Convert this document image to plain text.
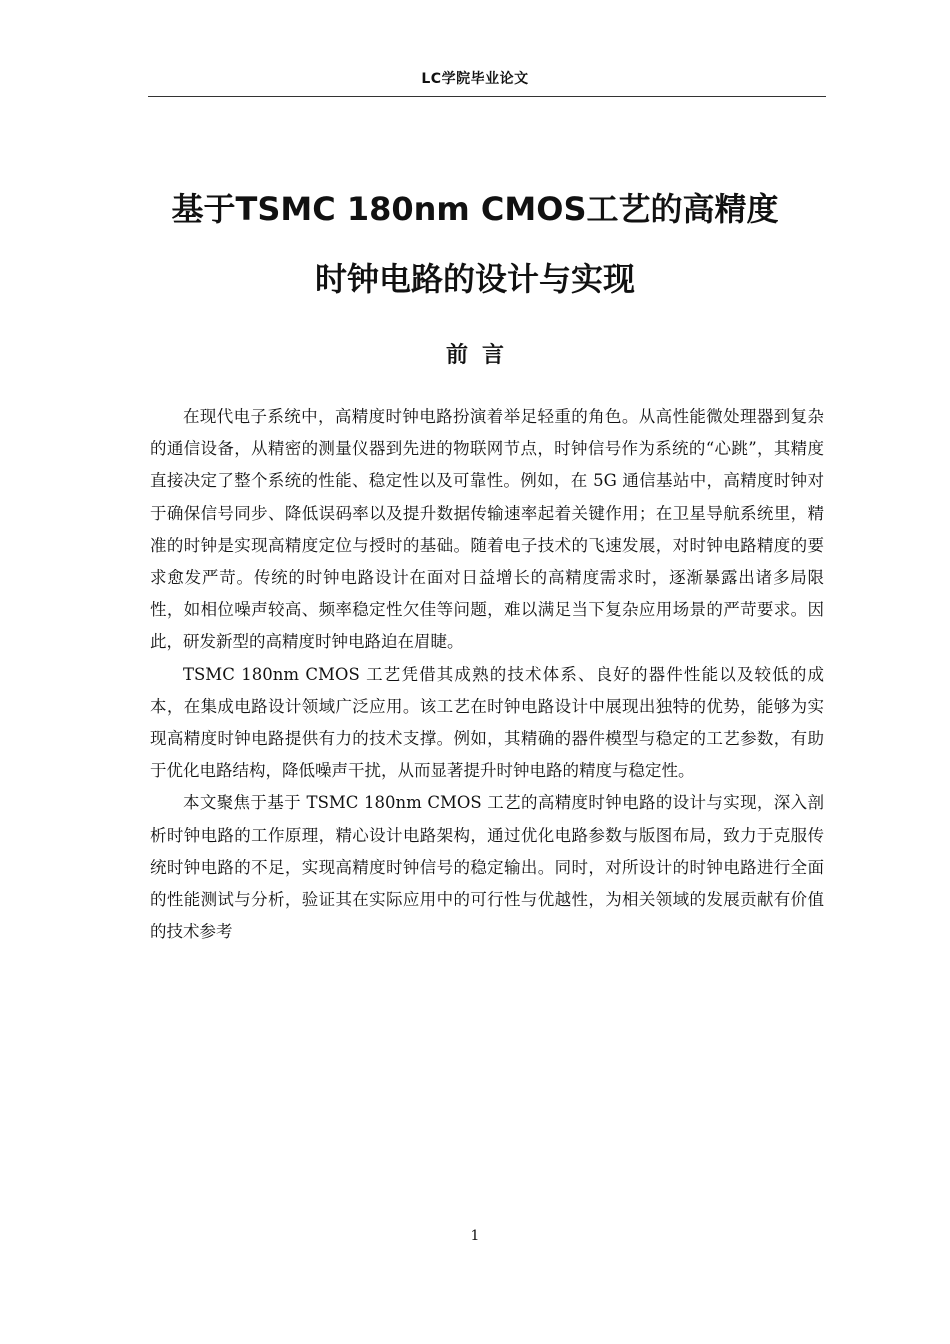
LC学院毕业论文
基于TSMC 180nm CMOS工艺的高精度
时钟电路的设计与实现
前言

在现代电子系统中，高精度时钟电路扮演着举足轻重的角色。从高性能微处理器到复杂的通信设备，从精密的测量仪器到先进的物联网节点，时钟信号作为系统的“心跳”，其精度直接决定了整个系统的性能、稳定性以及可靠性。例如，在 5G 通信基站中，高精度时钟对于确保信号同步、降低误码率以及提升数据传输速率起着关键作用；在卫星导航系统里，精准的时钟是实现高精度定位与授时的基础。随着电子技术的飞速发展，对时钟电路精度的要求愈发严苛。传统的时钟电路设计在面对日益增长的高精度需求时，逐渐暴露出诸多局限性，如相位噪声较高、频率稳定性欠佳等问题，难以满足当下复杂应用场景的严苛要求。因此，研发新型的高精度时钟电路迫在眉睫。

TSMC 180nm CMOS 工艺凭借其成熟的技术体系、良好的器件性能以及较低的成本，在集成电路设计领域广泛应用。该工艺在时钟电路设计中展现出独特的优势，能够为实现高精度时钟电路提供有力的技术支撑。例如，其精确的器件模型与稳定的工艺参数，有助于优化电路结构，降低噪声干扰，从而显著提升时钟电路的精度与稳定性。

本文聚焦于基于 TSMC 180nm CMOS 工艺的高精度时钟电路的设计与实现，深入剖析时钟电路的工作原理，精心设计电路架构，通过优化电路参数与版图布局，致力于克服传统时钟电路的不足，实现高精度时钟信号的稳定输出。同时，对所设计的时钟电路进行全面的性能测试与分析，验证其在实际应用中的可行性与优越性，为相关领域的发展贡献有价值的技术参考

1
